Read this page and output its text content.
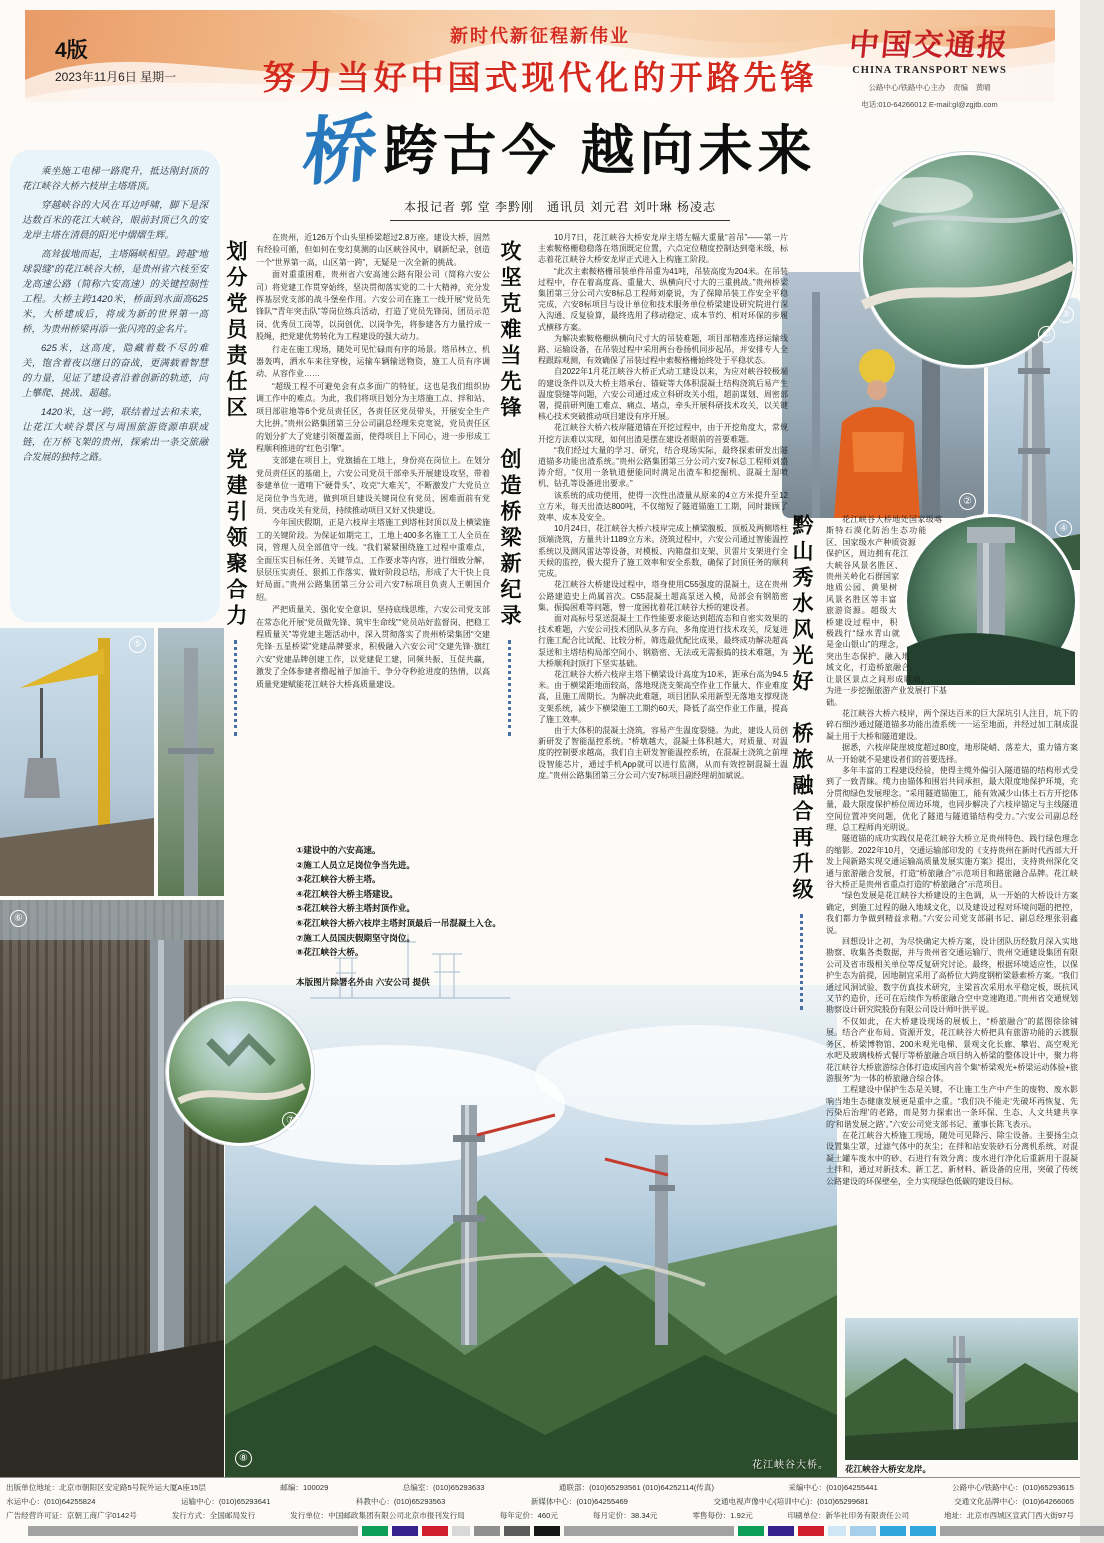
4版
2023年11月6日 星期一
新时代新征程新伟业
努力当好中国式现代化的开路先锋
中国交通报
CHINA TRANSPORT NEWS
公路中心/铁路中心主办　责编　黄晴
电话:010-64266012 E-mail:gl@zgjtb.com
桥 跨古今 越向未来
本报记者 郭 堂 李黔刚　通讯员 刘元君 刘叶琳 杨凌志

乘坐施工电梯一路爬升，抵达刚封顶的花江峡谷大桥六枝岸主塔塔顶。

穿越峡谷的大风在耳边呼啸，脚下是深达数百米的花江大峡谷，眼前封顶已久的安龙岸主塔在清晨的阳光中熠熠生辉。

高耸拔地而起，主塔隔峡相望。跨越“地球裂缝”的花江峡谷大桥，是贵州省六枝至安龙高速公路（简称六安高速）的关键控制性工程。大桥主跨1420米，桥面到水面高625米，大桥建成后，将成为新的世界第一高桥，为贵州桥梁再添一张闪亮的金名片。

625米，这高度，隐藏着数不尽的难关，饱含着夜以继日的奋战，更满载着智慧的力量，见证了建设者沿着创新的轨迹，向上攀爬、挑战、超越。

1420米，这一跨，联结着过去和未来，让花江大峡谷景区与周围旅游资源串联成链，在万桥飞架的贵州，探索出一条交旅融合发展的独特之路。	划分党员责任区　党建引领聚合力

在贵州，近126万个山头里桥梁超过2.8万座。建设大桥，固然有经验可循，但如何在变幻莫测的山区峡谷风中，刷新纪录，创造一个“世界第一高，山区第一跨”，无疑是一次全新的挑战。

面对重重困难，贵州省六安高速公路有限公司（简称六安公司）将党建工作贯穿始终，坚决贯彻落实党的二十大精神，充分发挥基层党支部的战斗堡垒作用。六安公司在施工一线开展“党员先锋队”“青年突击队”等岗位练兵活动，打造了党员先锋岗、团员示范岗、优秀员工岗等，以岗创优、以岗争先，将参建各方力量拧成一股绳，把党建优势转化为工程建设的强大动力。

行走在施工现场，随处可见忙碌而有序的场景。塔吊林立、机器轰鸣，洒水车来往穿梭，运输车辆输送物资，施工人员有序调动、从容作业……

“超级工程不可避免会有点多面广的特征，这也是我们组织协调工作中的难点。为此，我们将项目划分为主塔施工点、拌和站、项目部驻地等6个党员责任区，各责任区党员带头，开展安全生产大比拼。”贵州公路集团第三分公司副总经理朱克宽说，党员责任区的划分扩大了党建引领覆盖面，使得项目上下同心，进一步形成工程顺利推进的“红色引擎”。

支部建在项目上，党旗插在工地上，身份亮在岗位上。在划分党员责任区的基础上，六安公司党员干部牵头开展建设攻坚，带着参建单位一道啃下“硬骨头”、攻克“大难关”，不断激发广大党员立足岗位争当先进，做到项目建设关键岗位有党员、困难面前有党员、突击攻关有党员，持续推动项目又好又快建设。

今年国庆假期，正是六枝岸主塔施工到塔柱封顶以及上横梁施工的关键阶段。为保证如期完工，工地上400多名施工工人全员在岗，管理人员全部值守一线。“我们紧紧围绕施工过程中重难点，全面压实目标任务、关键节点、工作要求等内容，进行细致分解，层层压实责任、狠抓工作落实、做好阶段总结，形成了大干快上良好局面。”贵州公路集团第三分公司六安7标项目负责人王朝国介绍。

严把质量关、强化安全意识、坚持底线思维，六安公司党支部在常态化开展“党员做先锋、筑牢生命线”“党员站好监督岗、把稳工程质量关”等党建主题活动中，深入贯彻落实了贵州桥梁集团“交建先锋·五星桥梁”党建品牌要求，积极融入六安公司“交建先锋·旗红六安”党建品牌创建工作，以党建促工建，同频共振、互促共赢，激发了全体参建者撸起袖子加油干、争分夺秒抢进度的热情，以高质量党建赋能花江峡谷大桥高质量建设。

①建设中的六安高速。

②施工人员立足岗位争当先进。

③花江峡谷大桥主塔。

④花江峡谷大桥主塔建设。

⑤花江峡谷大桥主塔封顶作业。

⑥花江峡谷大桥六枝岸主塔封顶最后一吊混凝土入仓。

⑦施工人员国庆假期坚守岗位。

⑧花江峡谷大桥。

本版图片除署名外由 六安公司 提供
攻坚克难当先锋　创造桥梁新纪录

10月7日，花江峡谷大桥安龙岸主塔左幅大重量“首吊”——第一片主索鞍格栅稳稳落在塔顶既定位置，六点定位精度控制达到毫米级，标志着花江峡谷大桥安龙岸正式进入上构施工阶段。

“此次主索鞍格栅吊装单件吊重为41吨，吊装高度为204米。在吊装过程中，存在着高度高、重量大、纵横向尺寸大的三重挑战。”贵州桥梁集团第三分公司六安8标总工程师刘豪说，为了保障吊装工作安全平稳完成，六安8标项目与设计单位和技术服务单位桥梁建设研究院进行深入沟通、反复验算，最终选用了移动稳定、成本节约、相对环保的步履式横移方案。

为解决索鞍格栅纵横向尺寸大的吊装难题，项目部精准选择运输线路、运输设备，在吊装过程中采用两台卷扬机同步起吊，并安排专人全程跟踪观测，有效确保了吊装过程中索鞍格栅始终处于平稳状态。

自2022年1月花江峡谷大桥正式动工建设以来，为应对峡谷较极端的建设条件以及大桥主塔承台、锚碇等大体积混凝土结构浇筑后易产生温度裂缝等问题，六安公司通过成立科研攻关小组，超前谋划、周密部署，提前研判施工难点、痛点、堵点，牵头开展科研技术攻关，以关键核心技术突破推动项目建设有序开展。

花江峡谷大桥六枝岸隧道锚在开挖过程中，由于开挖角度大，常规开挖方法难以实现，如何出渣是摆在建设者眼前的首要难题。

“我们经过大量的学习、研究，结合现场实际，最终探索研发出隧道锚多功能出渣系统。”贵州公路集团第三分公司六安7标总工程师刘盛涛介绍，“仅用一条轨道便能同时满足出渣车和挖掘机、混凝土湿喷机、钻孔等设备进出要求。”

该系统的成功使用，使得一次性出渣量从原来的4立方米提升至12立方米，每天出渣达800吨，不仅缩短了隧道锚施工工期，同时兼顾了效率、成本及安全。

10月24日，花江峡谷大桥六枝岸完成上横梁腹板、顶板及两侧塔柱顶端浇筑，方量共计1189立方米。浇筑过程中，六安公司通过智能温控系统以及测风雷达等设备，对模板、内箱盘扣支架、贝雷片支架进行全天候的监控，极大提升了施工效率和安全系数，确保了封顶任务的顺利完成。

花江峡谷大桥建设过程中，塔身使用C55强度的混凝土，这在贵州公路建造史上尚属首次。C55混凝土超高泵送入模，局部会有钢筋密集、振捣困难等问题，曾一度困扰着花江峡谷大桥的建设者。

面对高标号泵送混凝土工作性能要求能达到超流态和自密实效果的技术难题，六安公司技术团队从多方向、多角度进行技术攻关，反复进行施工配合比试配、比较分析，筛选最优配比成果，最终成功解决超高泵送和主塔结构局部空间小、钢筋密、无法或无需振捣的技术难题，为大桥顺利封顶打下坚实基础。

花江峡谷大桥六枝岸主塔下横梁设计高度为10米，距承台高为94.5米。由于横梁距地面较高，落地现浇支架高空作业工作量大、作业难度高，且施工周期长。为解决此难题，项目团队采用新型无落地支撑现浇支架系统，减少下横梁施工工期约60天，降低了高空作业工作量，提高了施工效率。

由于大体积的混凝土浇筑，容易产生温度裂缝。为此，建设人员创新研发了智能温控系统。“桥墩越大，混凝土体积越大，对质量、对温度的控制要求越高，我们自主研发智能温控系统，在混凝土浇筑之前埋设智能芯片，通过手机App就可以进行监测，从而有效控制混凝土温度。”贵州公路集团第三分公司六安7标项目副经理胡加斌说。	黔山秀水风光好　桥旅融合再升级	④

花江峡谷大桥地处国家级喀斯特石漠化防治生态功能区、国家级水产种质资源保护区，周边拥有花江大峡谷风景名胜区、贵州关岭化石群国家地质公园、黄果树风景名胜区等丰富旅游资源。超级大桥建设过程中，积极践行“绿水青山就是金山银山”的理念，突出生态保护、融入地域文化，打造桥旅融合，让景区景点之间形成联动，为进一步挖掘旅游产业发展打下基础。

花江峡谷大桥六枝岸，两个深达百米的巨大深坑引人注目，坑下的碎石细沙通过隧道锚多功能出渣系统一一运至地面，并经过加工制成混凝土用于大桥和隧道建设。

据悉，六枝岸陡崖坡度超过80度，地形陡峭、落差大，重力锚方案从一开始就不是建设者们的首要选择。

多年丰富的工程建设经验，使得主缆外偏引入隧道锚的结构形式受到了一致青睐。缆力由锚体和围岩共同承担，最大限度地保护环境，充分贯彻绿色发展理念。“采用隧道锚施工，能有效减少山体土石方开挖体量，最大限度保护桥位周边环境，也同步解决了六枝岸锚定与主线隧道空间位置冲突问题，优化了隧道与隧道锚结构受力。”六安公司副总经理、总工程师冉光明说。

隧道锚的成功实践仅是花江峡谷大桥立足贵州特色、践行绿色理念的缩影。2022年10月，交通运输部印发的《支持贵州在新时代西部大开发上闯新路实现交通运输高质量发展实施方案》提出，支持贵州深化交通与旅游融合发展，打造“桥旅融合”示范项目和路旅融合品牌。花江峡谷大桥正是贵州省重点打造的“桥旅融合”示范项目。

“绿色发展是花江峡谷大桥建设的主色调，从一开始的大桥设计方案确定，到施工过程的融入地域文化，以及建设过程对环境问题的把控，我们都力争做到精益求精。”六安公司党支部副书记、副总经理张羽鑫说。

回想设计之初，为尽快确定大桥方案，设计团队历经数月深入实地勘察、收集各类数据，并与贵州省交通运输厅、贵州交通建设集团有限公司及省市级相关单位等反复研究讨论。最终，根据环境适应性，以保护生态为前提，因地制宜采用了高桥位大跨度钢桁梁悬索桥方案。“我们通过风洞试验、数字仿真技术研究，主梁首次采用水平稳定板，既抗风又节约造价，还可在后续作为桥旅融合空中竞速跑道。”贵州省交通规划勘察设计研究院股份有限公司设计师叶洪平说。

不仅如此，在大桥建设现场的展板上，“桥旅融合”的蓝图徐徐铺展。结合产业布局、资源开发，花江峡谷大桥把具有旅游功能的云渡服务区、桥梁博物馆、200米观光电梯、景观文化长廊、攀岩、高空观光水吧及玻璃栈桥式餐厅等桥旅融合项目纳入桥梁的整体设计中，聚力将花江峡谷大桥旅游综合体打造成国内首个集“桥梁观光+桥梁运动体验+旅游服务”为一体的桥旅融合综合体。

工程建设中保护生态是关键，不让施工生产中产生的废物、废水影响当地生态健康发展更是重中之重。“我们决不能走‘先破坏再恢复、先污染后治理’的老路，而是努力探索出一条环保、生态、人文共建共享的‘和谐发展之路’。”六安公司党支部书记、董事长陈飞表示。

在花江峡谷大桥施工现场，随处可见降污、除尘设备。主要扬尘点设置集尘罩，过滤气体中的灰尘；在拌和站安装砂石分离机系统，对混凝土罐车废水中的砂、石进行有效分离；废水进行净化后重新用于混凝土拌和，通过对新技术、新工艺、新材料、新设备的应用，突破了传统公路建设的环保壁垒，全力实现绿色低碳的建设目标。

①
②
③
⑤
⑥
花江峡谷大桥。
⑧
⑦
花江峡谷大桥安龙岸。
出版单位地址：北京市朝阳区安定路5号院外运大厦A座15层	邮编：100029	总编室：(010)65293633	通联部：(010)65293561 (010)64252114(传真)	采编中心：(010)64255441	公路中心/铁路中心：(010)65293615
水运中心：(010)64255824	运输中心：(010)65293641	科教中心：(010)65293563	新媒体中心：(010)64255469	交通电视声像中心(培训中心)：(010)65299681	交通文化品牌中心：(010)64266065
广告经营许可证：京朝工商广字0142号	发行方式：全国邮局发行	发行单位：中国邮政集团有限公司北京市报刊发行局	每年定价：460元	每月定价：38.34元	零售每份：1.92元	印刷单位：新华社印务有限责任公司	地址：北京市西城区宣武门西大街97号
